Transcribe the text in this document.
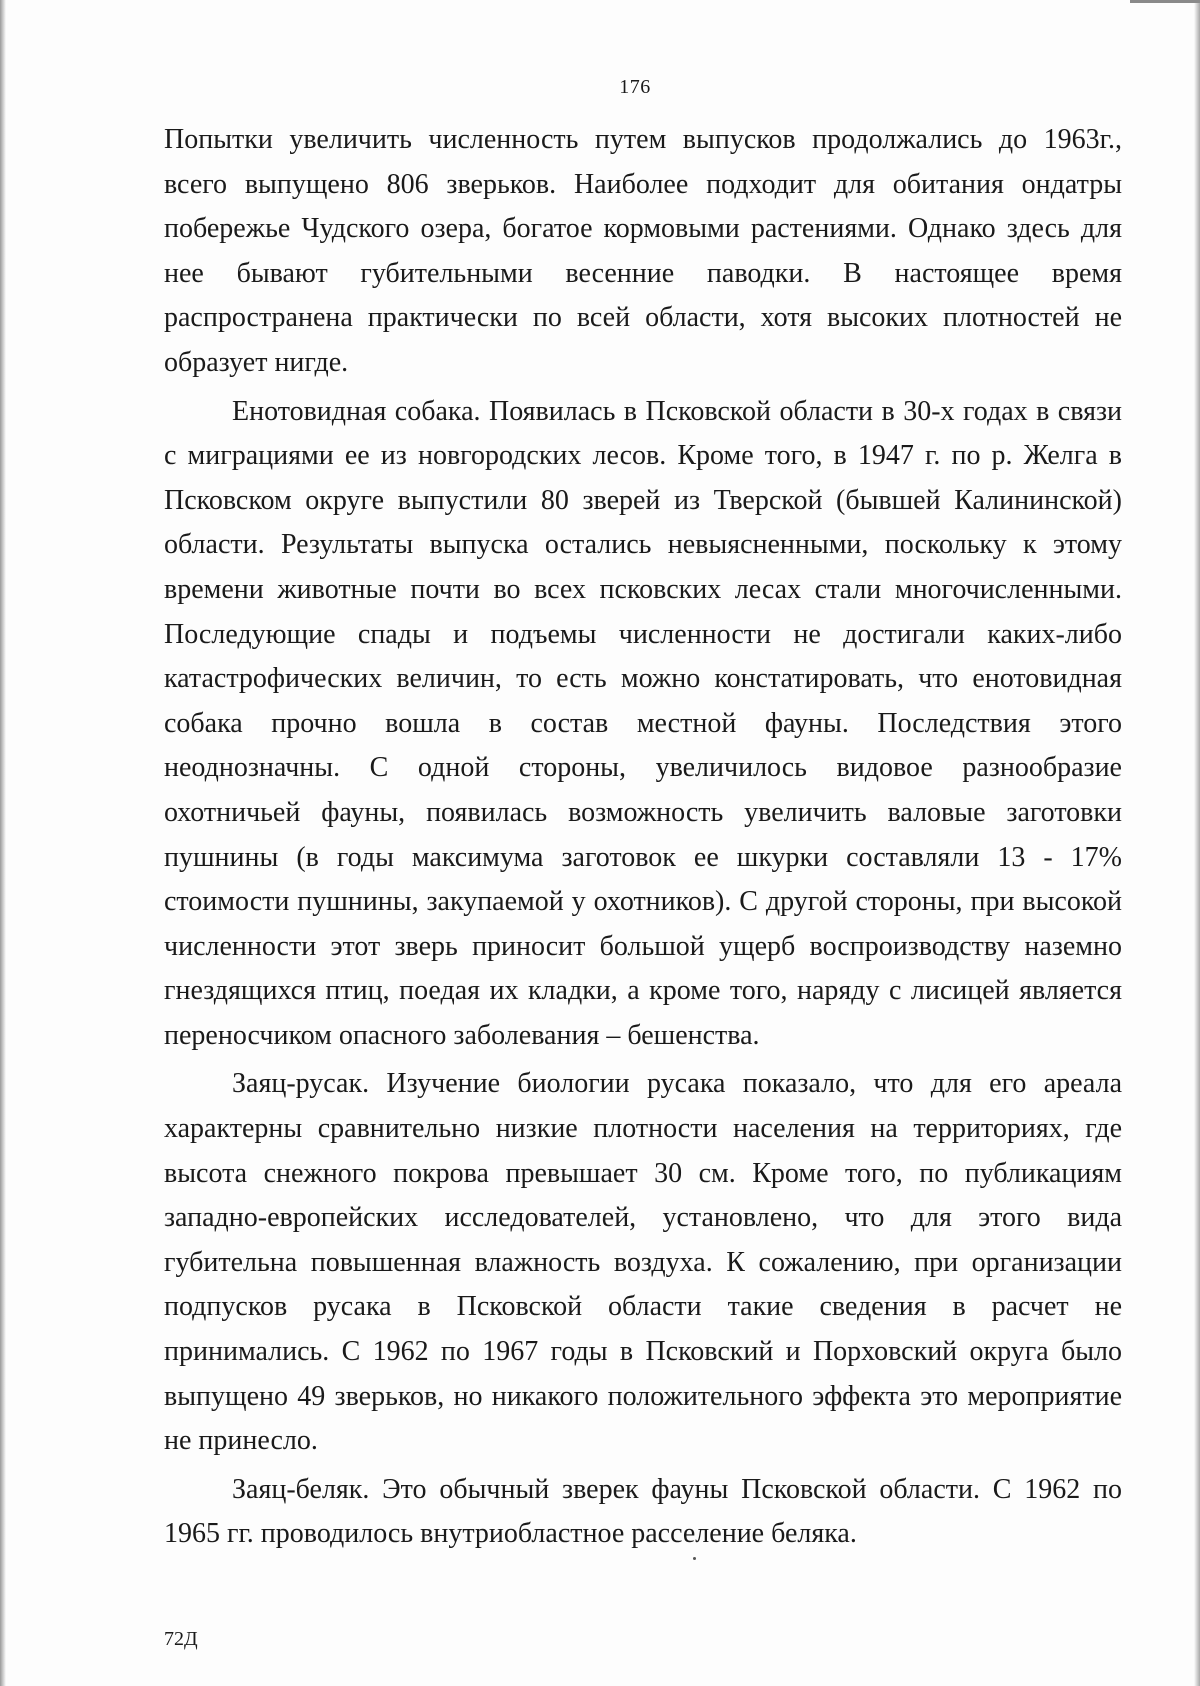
176

Попытки увеличить численность путем выпусков продолжались до 1963г., всего выпущено 806 зверьков. Наиболее подходит для обитания ондатры побережье Чудского озера, богатое кормовыми растениями. Однако здесь для нее бывают губительными весенние паводки. В настоящее время распространена практически по всей области, хотя высоких плотностей не образует нигде.

Енотовидная собака. Появилась в Псковской области в 30-х годах в связи с миграциями ее из новгородских лесов. Кроме того, в 1947 г. по р. Желга в Псковском округе выпустили 80 зверей из Тверской (бывшей Калининской) области. Результаты выпуска остались невыясненными, поскольку к этому времени животные почти во всех псковских лесах стали многочисленными. Последующие спады и подъемы численности не достигали каких-либо катастрофических величин, то есть можно констатировать, что енотовидная собака прочно вошла в состав местной фауны. Последствия этого неоднозначны. С одной стороны, увеличилось видовое разнообразие охотничьей фауны, появилась возможность увеличить валовые заготовки пушнины (в годы максимума заготовок ее шкурки составляли 13 - 17% стоимости пушнины, закупаемой у охотников). С другой стороны, при высокой численности этот зверь приносит большой ущерб воспроизводству наземно гнездящихся птиц, поедая их кладки, а кроме того, наряду с лисицей является переносчиком опасного заболевания – бешенства.

Заяц-русак. Изучение биологии русака показало, что для его ареала характерны сравнительно низкие плотности населения на территориях, где высота снежного покрова превышает 30 см. Кроме того, по публикациям западно-европейских исследователей, установлено, что для этого вида губительна повышенная влажность воздуха. К сожалению, при организации подпусков русака в Псковской области такие сведения в расчет не принимались. С 1962 по 1967 годы в Псковский и Порховский округа было выпущено 49 зверьков, но никакого положительного эффекта это мероприятие не принесло.

Заяц-беляк. Это обычный зверек фауны Псковской области. С 1962 по 1965 гг. проводилось внутриобластное расселение беляка.

72Д
